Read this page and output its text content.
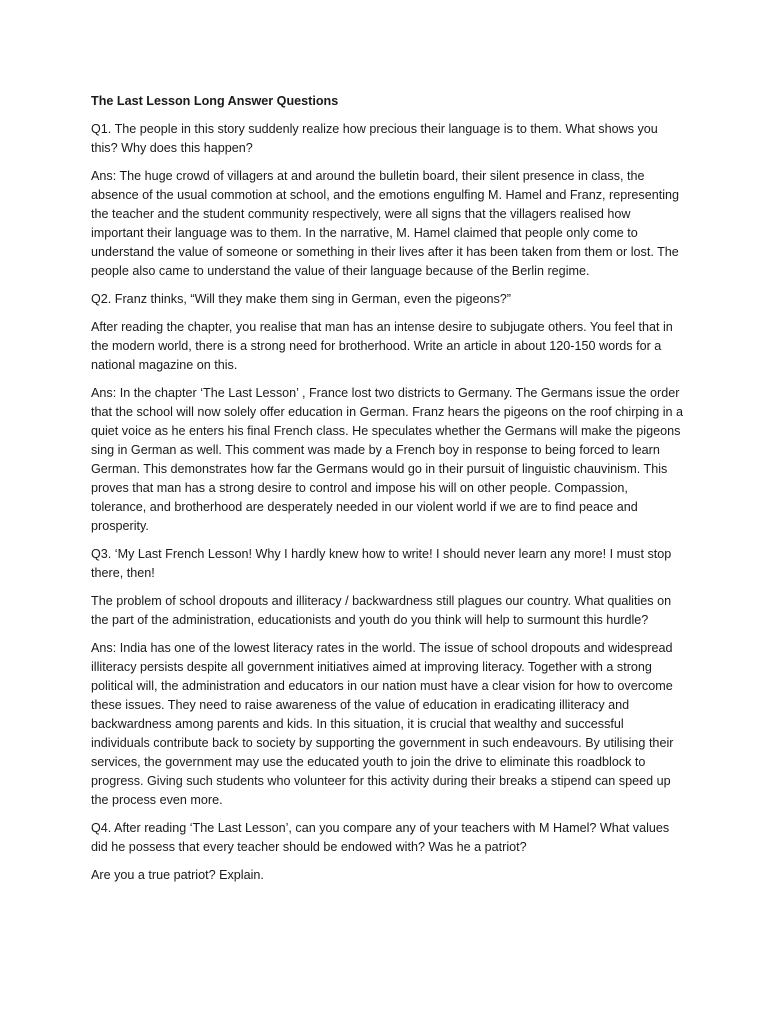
The Last Lesson Long Answer Questions

Q1. The people in this story suddenly realize how precious their language is to them. What shows you this? Why does this happen?

Ans: The huge crowd of villagers at and around the bulletin board, their silent presence in class, the absence of the usual commotion at school, and the emotions engulfing M. Hamel and Franz, representing the teacher and the student community respectively, were all signs that the villagers realised how important their language was to them. In the narrative, M. Hamel claimed that people only come to understand the value of someone or something in their lives after it has been taken from them or lost. The people also came to understand the value of their language because of the Berlin regime.

Q2. Franz thinks, “Will they make them sing in German, even the pigeons?”

After reading the chapter, you realise that man has an intense desire to subjugate others. You feel that in the modern world, there is a strong need for brotherhood. Write an article in about 120-150 words for a national magazine on this.

Ans: In the chapter ‘The Last Lesson’ , France lost two districts to Germany. The Germans issue the order that the school will now solely offer education in German. Franz hears the pigeons on the roof chirping in a quiet voice as he enters his final French class. He speculates whether the Germans will make the pigeons sing in German as well. This comment was made by a French boy in response to being forced to learn German. This demonstrates how far the Germans would go in their pursuit of linguistic chauvinism. This proves that man has a strong desire to control and impose his will on other people. Compassion, tolerance, and brotherhood are desperately needed in our violent world if we are to find peace and prosperity.

Q3. ‘My Last French Lesson! Why I hardly knew how to write! I should never learn any more! I must stop there, then!

The problem of school dropouts and illiteracy / backwardness still plagues our country. What qualities on the part of the administration, educationists and youth do you think will help to surmount this hurdle?

Ans: India has one of the lowest literacy rates in the world. The issue of school dropouts and widespread illiteracy persists despite all government initiatives aimed at improving literacy. Together with a strong political will, the administration and educators in our nation must have a clear vision for how to overcome these issues. They need to raise awareness of the value of education in eradicating illiteracy and backwardness among parents and kids. In this situation, it is crucial that wealthy and successful individuals contribute back to society by supporting the government in such endeavours. By utilising their services, the government may use the educated youth to join the drive to eliminate this roadblock to progress. Giving such students who volunteer for this activity during their breaks a stipend can speed up the process even more.

Q4. After reading ‘The Last Lesson’, can you compare any of your teachers with M Hamel? What values did he possess that every teacher should be endowed with? Was he a patriot?

Are you a true patriot? Explain.
